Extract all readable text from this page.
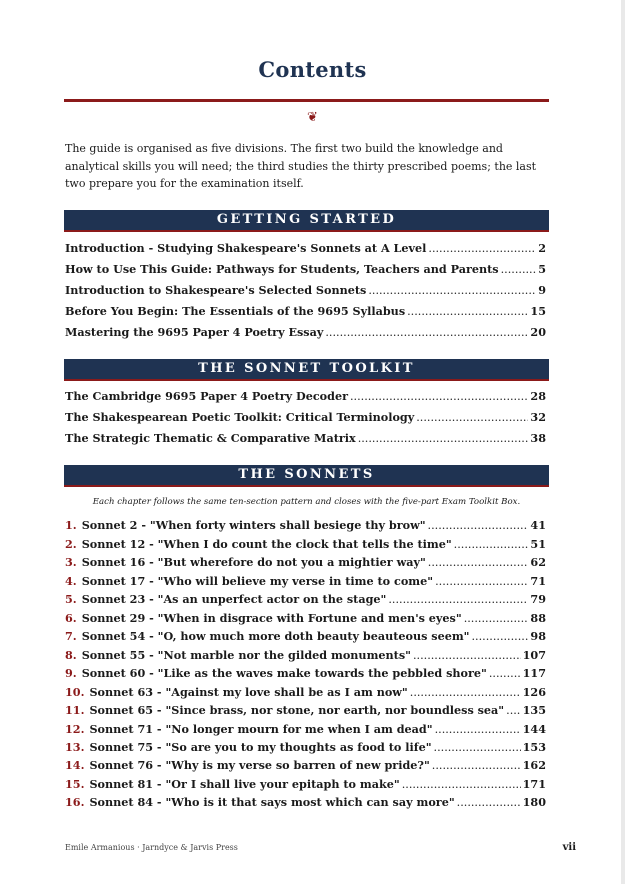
Contents
❦
The guide is organised as five divisions. The first two build the knowledge and analytical skills you will need; the third studies the thirty prescribed poems; the last two prepare you for the examination itself.
GETTING STARTED
Introduction - Studying Shakespeare's Sonnets at A Level .....	2
How to Use This Guide: Pathways for Students, Teachers and Parents .....	5
Introduction to Shakespeare's Selected Sonnets .....	9
Before You Begin: The Essentials of the 9695 Syllabus .....	15
Mastering the 9695 Paper 4 Poetry Essay .....	20
THE SONNET TOOLKIT
The Cambridge 9695 Paper 4 Poetry Decoder .....	28
The Shakespearean Poetic Toolkit: Critical Terminology .....	32
The Strategic Thematic & Comparative Matrix .....	38
THE SONNETS
Each chapter follows the same ten-section pattern and closes with the five-part Exam Toolkit Box.
1. Sonnet 2 - "When forty winters shall besiege thy brow" .....	41
2. Sonnet 12 - "When I do count the clock that tells the time" .....	51
3. Sonnet 16 - "But wherefore do not you a mightier way" .....	62
4. Sonnet 17 - "Who will believe my verse in time to come" .....	71
5. Sonnet 23 - "As an unperfect actor on the stage" .....	79
6. Sonnet 29 - "When in disgrace with Fortune and men's eyes" .....	88
7. Sonnet 54 - "O, how much more doth beauty beauteous seem" .....	98
8. Sonnet 55 - "Not marble nor the gilded monuments" .....	107
9. Sonnet 60 - "Like as the waves make towards the pebbled shore" .....	117
10. Sonnet 63 - "Against my love shall be as I am now" .....	126
11. Sonnet 65 - "Since brass, nor stone, nor earth, nor boundless sea" ..... 135
12. Sonnet 71 - "No longer mourn for me when I am dead" .....	144
13. Sonnet 75 - "So are you to my thoughts as food to life" .....	153
14. Sonnet 76 - "Why is my verse so barren of new pride?" .....	162
15. Sonnet 81 - "Or I shall live your epitaph to make" .....	171
16. Sonnet 84 - "Who is it that says most which can say more" .....	180
Emile Armanious · Jarndyce & Jarvis Press	vii
